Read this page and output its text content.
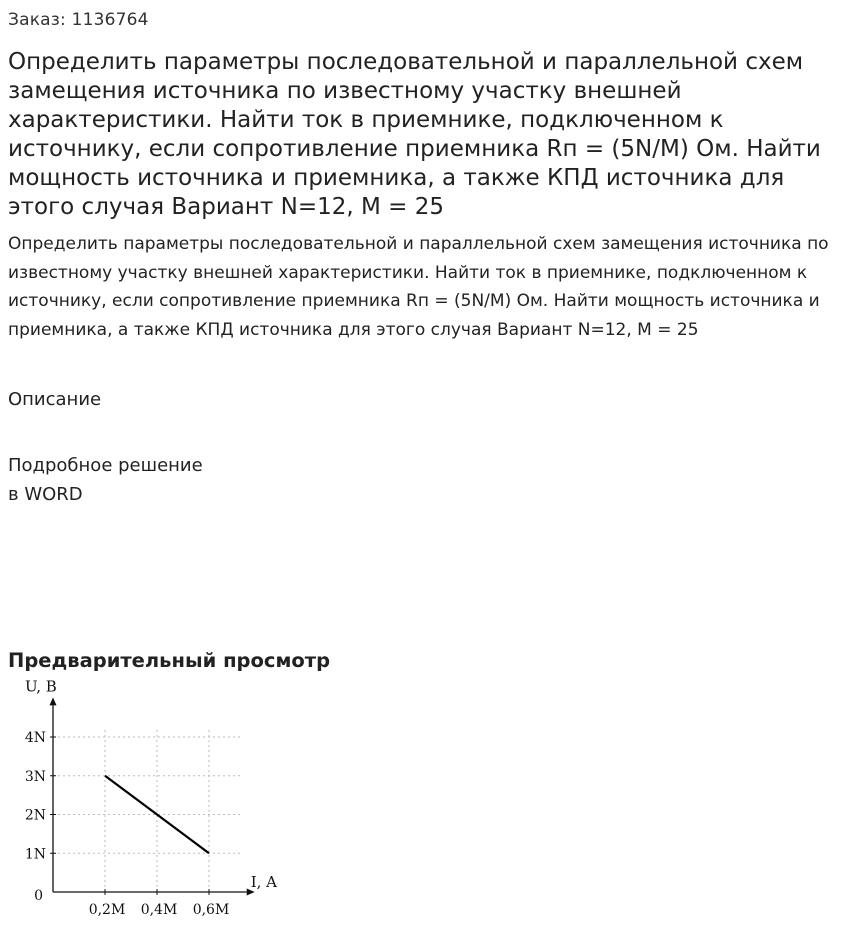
Заказ: 1136764
Определить параметры последовательной и параллельной схем замещения источника по известному участку внешней характеристики. Найти ток в приемнике, подключенном к источнику, если сопротивление приемника Rп = (5N/M) Ом. Найти мощность источника и приемника, а также КПД источника для этого случая Вариант N=12, M = 25
Определить параметры последовательной и параллельной схем замещения источника по известному участку внешней характеристики. Найти ток в приемнике, подключенном к источнику, если сопротивление приемника Rп = (5N/M) Ом. Найти мощность источника и приемника, а также КПД источника для этого случая Вариант N=12, M = 25
Описание
Подробное решение
в WORD
Предварительный просмотр
1N
2N
3N
4N
0,2M 0,4M 0,6M
U, B
I, A
0
